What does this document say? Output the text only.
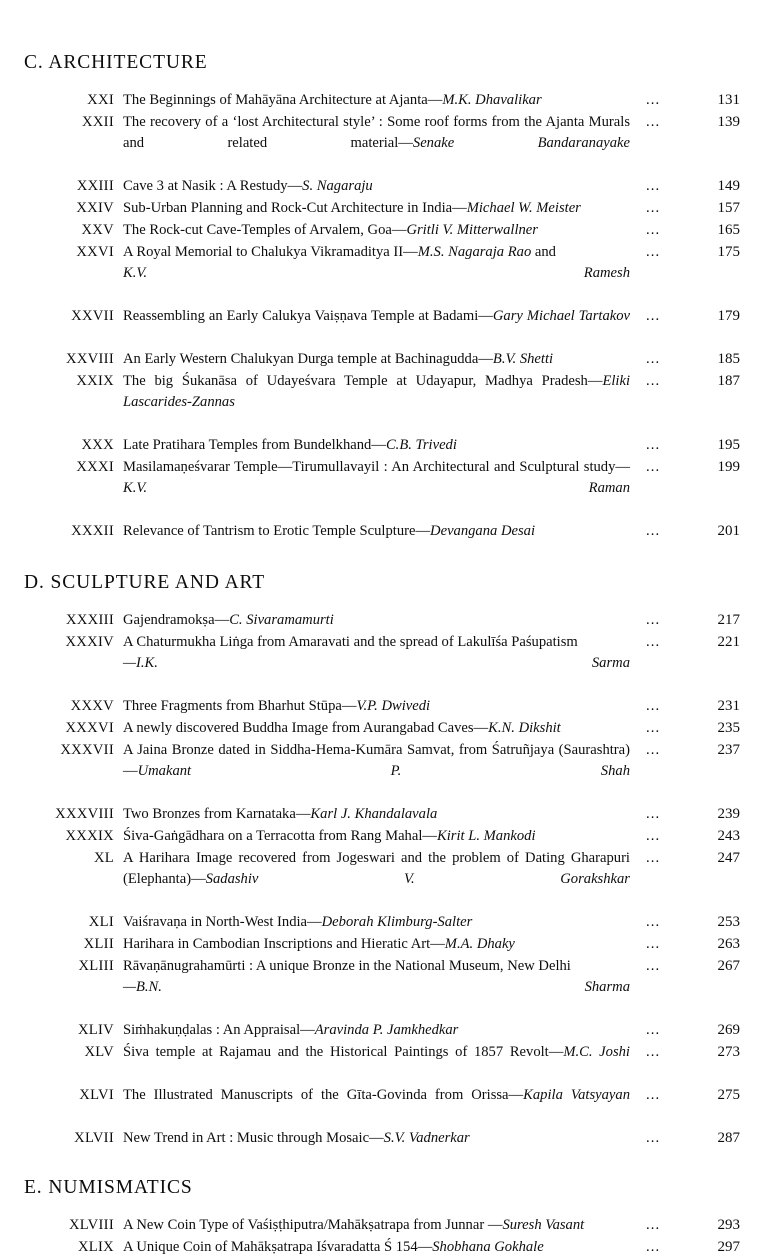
C. ARCHITECTURE
XXI The Beginnings of Mahāyāna Architecture at Ajanta—M.K. Dhavalikar	...	131
XXII The recovery of a ‘lost Architectural style’ : Some roof forms from the Ajanta Murals and related material—Senake Bandaranayake
...	139
XXIII Cave 3 at Nasik : A Restudy—S. Nagaraju	...	149
XXIV Sub-Urban Planning and Rock-Cut Architecture in India—Michael W. Meister	...	157
XXV The Rock-cut Cave-Temples of Arvalem, Goa—Gritli V. Mitterwallner	...	165
XXVI A Royal Memorial to Chalukya Vikramaditya II—M.S. Nagaraja Rao and
K.V. Ramesh
...	175
XXVII Reassembling an Early Calukya Vaiṣṇava Temple at Badami—Gary Michael Tartakov	...	179
XXVIII An Early Western Chalukyan Durga temple at Bachinagudda—B.V. Shetti	...	185
XXIX The big Śukanāsa of Udayeśvara Temple at Udayapur, Madhya Pradesh—Eliki Lascarides-Zannas
...	187
XXX Late Pratihara Temples from Bundelkhand—C.B. Trivedi	...	195
XXXI Masilamaṇeśvarar Temple—Tirumullavayil : An Architectural and Sculptural study—K.V. Raman
...	199
XXXII Relevance of Tantrism to Erotic Temple Sculpture—Devangana Desai	...	201
D. SCULPTURE AND ART
XXXIII Gajendramokṣa—C. Sivaramamurti	...	217
XXXIV A Chaturmukha Liṅga from Amaravati and the spread of Lakulīśa Paśupatism
—I.K. Sarma
...	221
XXXV Three Fragments from Bharhut Stūpa—V.P. Dwivedi	...	231
XXXVI A newly discovered Buddha Image from Aurangabad Caves—K.N. Dikshit	...	235
XXXVII A Jaina Bronze dated in Siddha-Hema-Kumāra Samvat, from Śatruñjaya (Saurashtra)—Umakant P. Shah
...	237
XXXVIII Two Bronzes from Karnataka—Karl J. Khandalavala	...	239
XXXIX Śiva-Gaṅgādhara on a Terracotta from Rang Mahal—Kirit L. Mankodi	...	243
XL A Harihara Image recovered from Jogeswari and the problem of Dating Gharapuri (Elephanta)—Sadashiv V. Gorakshkar
...	247
XLI Vaiśravaṇa in North-West India—Deborah Klimburg-Salter	...	253
XLII Harihara in Cambodian Inscriptions and Hieratic Art—M.A. Dhaky	...	263
XLIII Rāvaṇānugrahamūrti : A unique Bronze in the National Museum, New Delhi
—B.N. Sharma
...	267
XLIV Siṁhakuṇḍalas : An Appraisal—Aravinda P. Jamkhedkar	...	269
XLV Śiva temple at Rajamau and the Historical Paintings of 1857 Revolt—M.C. Joshi	...	273
XLVI The Illustrated Manuscripts of the Gīta-Govinda from Orissa—Kapila Vatsyayan	...	275
XLVII New Trend in Art : Music through Mosaic—S.V. Vadnerkar	...	287
E. NUMISMATICS
XLVIII A New Coin Type of Vaśiṣṭhiputra/Mahākṣatrapa from Junnar —Suresh Vasant	...	293
XLIX A Unique Coin of Mahākṣatrapa Iśvaradatta Ś 154—Shobhana Gokhale	...	297
